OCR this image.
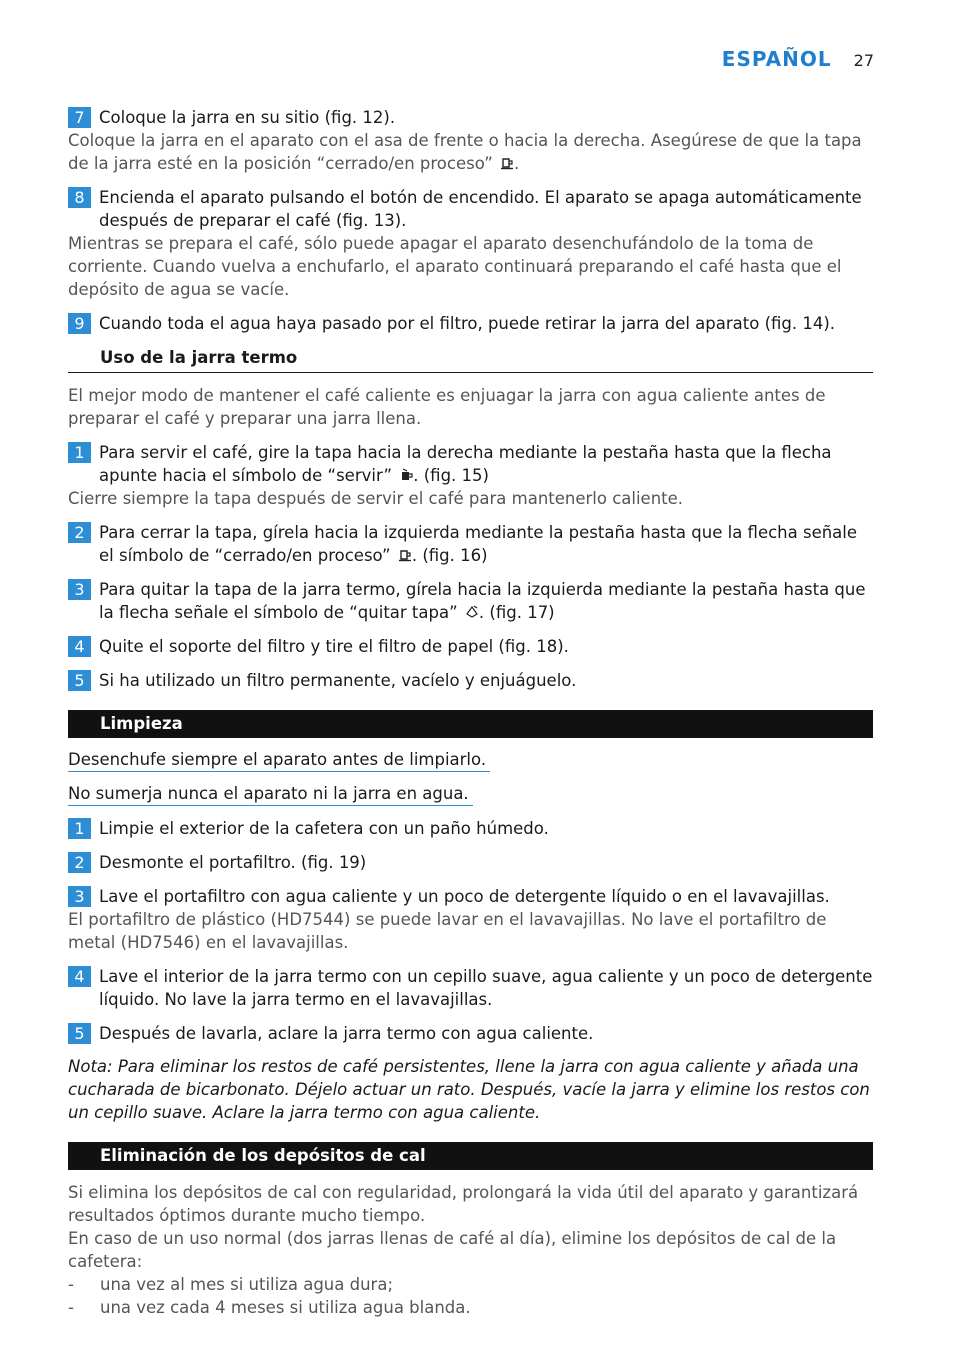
ESPAÑOL 27
7 Coloque la jarra en su sitio (fig. 12).
Coloque la jarra en el aparato con el asa de frente o hacia la derecha. Asegúrese de que la tapa de la jarra esté en la posición “cerrado/en proceso” .
8 Encienda el aparato pulsando el botón de encendido. El aparato se apaga automáticamente después de preparar el café (fig. 13).
Mientras se prepara el café, sólo puede apagar el aparato desenchufándolo de la toma de corriente. Cuando vuelva a enchufarlo, el aparato continuará preparando el café hasta que el depósito de agua se vacíe.
9 Cuando toda el agua haya pasado por el filtro, puede retirar la jarra del aparato (fig. 14).
Uso de la jarra termo
El mejor modo de mantener el café caliente es enjuagar la jarra con agua caliente antes de preparar el café y preparar una jarra llena.
1 Para servir el café, gire la tapa hacia la derecha mediante la pestaña hasta que la flecha apunte hacia el símbolo de “servir” . (fig. 15)
Cierre siempre la tapa después de servir el café para mantenerlo caliente.
2 Para cerrar la tapa, gírela hacia la izquierda mediante la pestaña hasta que la flecha señale el símbolo de “cerrado/en proceso” . (fig. 16)
3 Para quitar la tapa de la jarra termo, gírela hacia la izquierda mediante la pestaña hasta que la flecha señale el símbolo de “quitar tapa” . (fig. 17)
4 Quite el soporte del filtro y tire el filtro de papel (fig. 18).
5 Si ha utilizado un filtro permanente, vacíelo y enjuáguelo.
Limpieza
Desenchufe siempre el aparato antes de limpiarlo.
No sumerja nunca el aparato ni la jarra en agua.
1 Limpie el exterior de la cafetera con un paño húmedo.
2 Desmonte el portafiltro. (fig. 19)
3 Lave el portafiltro con agua caliente y un poco de detergente líquido o en el lavavajillas.
El portafiltro de plástico (HD7544) se puede lavar en el lavavajillas. No lave el portafiltro de metal (HD7546) en el lavavajillas.
4 Lave el interior de la jarra termo con un cepillo suave, agua caliente y un poco de detergente líquido. No lave la jarra termo en el lavavajillas.
5 Después de lavarla, aclare la jarra termo con agua caliente.
Nota: Para eliminar los restos de café persistentes, llene la jarra con agua caliente y añada una cucharada de bicarbonato. Déjelo actuar un rato. Después, vacíe la jarra y elimine los restos con un cepillo suave. Aclare la jarra termo con agua caliente.
Eliminación de los depósitos de cal
Si elimina los depósitos de cal con regularidad, prolongará la vida útil del aparato y garantizará resultados óptimos durante mucho tiempo.
En caso de un uso normal (dos jarras llenas de café al día), elimine los depósitos de cal de la cafetera:
-	una vez al mes si utiliza agua dura;
-	una vez cada 4 meses si utiliza agua blanda.
